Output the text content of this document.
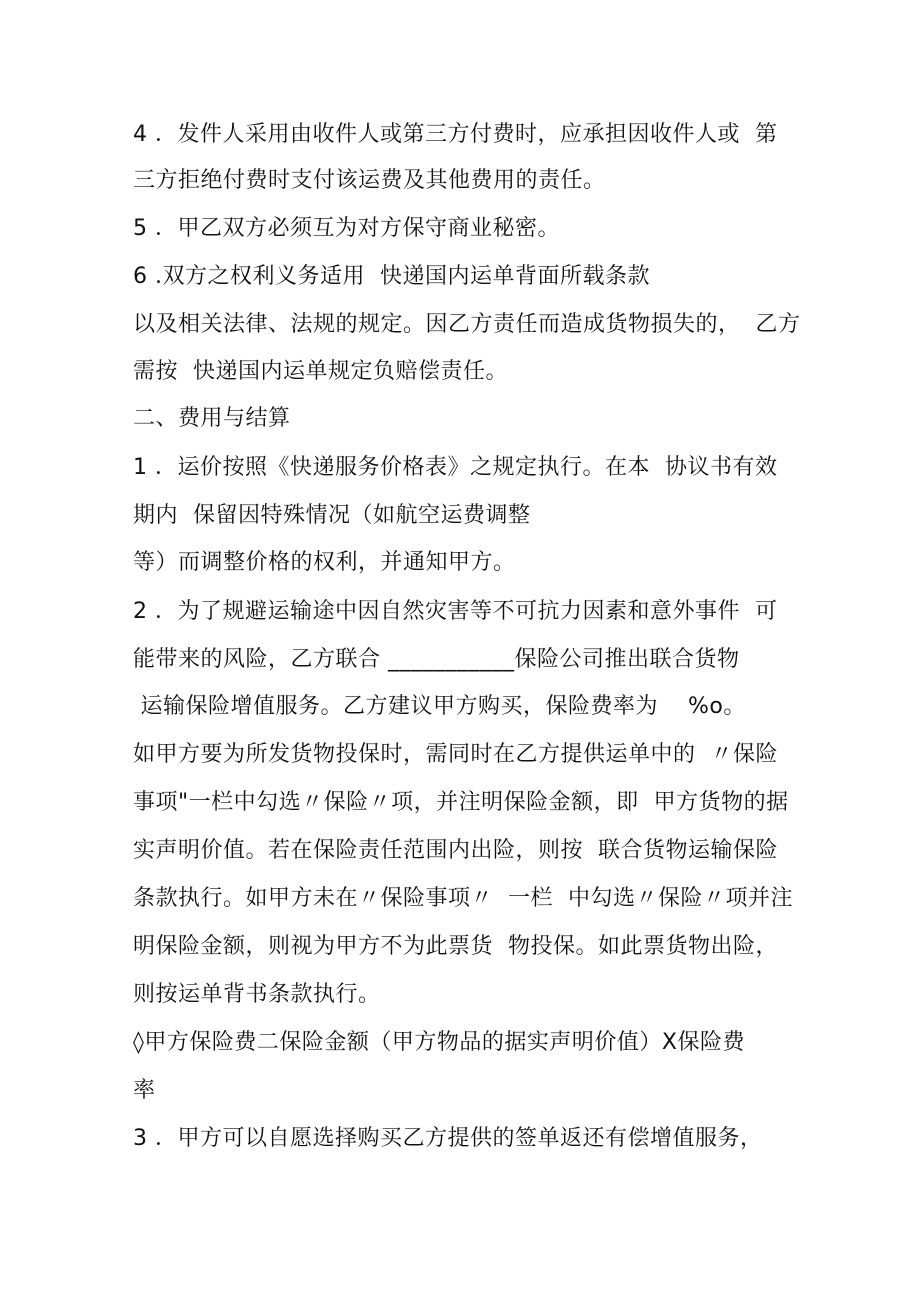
4 ．发件人采用由收件人或第三方付费时，应承担因收件人或  第
三方拒绝付费时支付该运费及其他费用的责任。
5 ．甲乙双方必须互为对方保守商业秘密。
6 .双方之权利义务适用  快递国内运单背面所载条款
以及相关法律、法规的规定。因乙方责任而造成货物损失的，  乙方
需按  快递国内运单规定负赔偿责任。
二、费用与结算
1 ．运价按照《快递服务价格表》之规定执行。在本  协议书有效
期内  保留因特殊情况（如航空运费调整
等）而调整价格的权利，并通知甲方。
2 ．为了规避运输途中因自然灾害等不可抗力因素和意外事件  可
能带来的风险，乙方联合 ___________保险公司推出联合货物
运输保险增值服务。乙方建议甲方购买，保险费率为    %o。
如甲方要为所发货物投保时，需同时在乙方提供运单中的  〃保险
事项"一栏中勾选〃保险〃项，并注明保险金额，即  甲方货物的据
实声明价值。若在保险责任范围内出险，则按  联合货物运输保险
条款执行。如甲方未在〃保险事项〃  一栏  中勾选〃保险〃项并注
明保险金额，则视为甲方不为此票货  物投保。如此票货物出险，
则按运单背书条款执行。
◊甲方保险费二保险金额（甲方物品的据实声明价值）X保险费
率
3 ．甲方可以自愿选择购买乙方提供的签单返还有偿增值服务，
